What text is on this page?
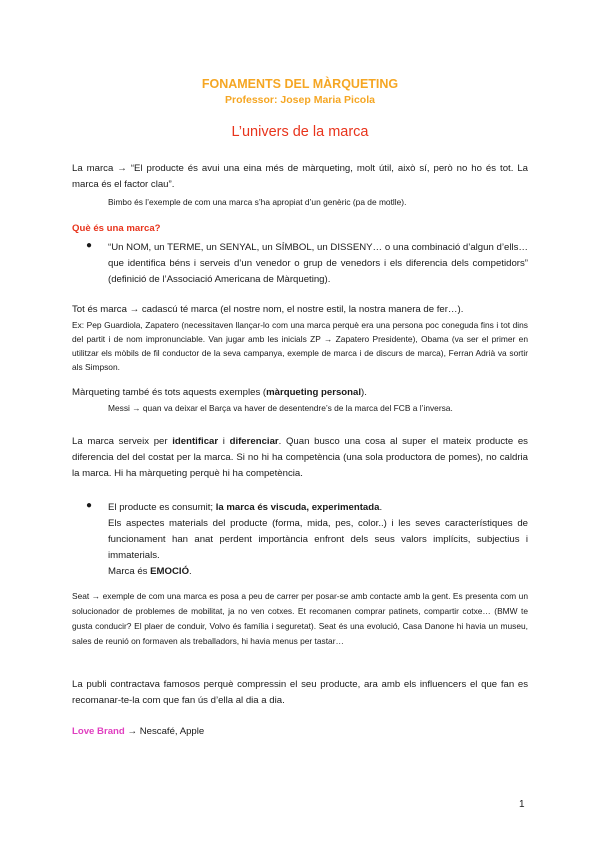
FONAMENTS DEL MÀRQUETING
Professor: Josep Maria Picola
L’univers de la marca
La marca → “El producte és avui una eina més de màrqueting, molt útil, això sí, però no ho és tot. La marca és el factor clau”.
Bimbo és l’exemple de com una marca s’ha apropiat d’un genèric (pa de motlle).
Què és una marca?
● “Un NOM, un TERME, un SENYAL, un SÍMBOL, un DISSENY… o una combinació d’algun d’ells… que identifica béns i serveis d’un venedor o grup de venedors i els diferencia dels competidors” (definició de l’Associació Americana de Màrqueting).
Tot és marca → cadascú té marca (el nostre nom, el nostre estil, la nostra manera de fer…).
Ex: Pep Guardiola, Zapatero (necessitaven llançar-lo com una marca perquè era una persona poc coneguda fins i tot dins del partit i de nom impronunciable. Van jugar amb les inicials ZP → Zapatero Presidente), Obama (va ser el primer en utilitzar els mòbils de fil conductor de la seva campanya, exemple de marca i de discurs de marca), Ferran Adrià va sortir als Simpson.
Màrqueting també és tots aquests exemples (màrqueting personal).
Messi → quan va deixar el Barça va haver de desentendre’s de la marca del FCB a l’inversa.
La marca serveix per identificar i diferenciar. Quan busco una cosa al super el mateix producte es diferencia del del costat per la marca. Si no hi ha competència (una sola productora de pomes), no caldria la marca. Hi ha màrqueting perquè hi ha competència.
● El producte es consumit; la marca és viscuda, experimentada.
Els aspectes materials del producte (forma, mida, pes, color..) i les seves característiques de funcionament han anat perdent importància enfront dels seus valors implícits, subjectius i immaterials.
Marca és EMOCIÓ.
Seat → exemple de com una marca es posa a peu de carrer per posar-se amb contacte amb la gent. Es presenta com un solucionador de problemes de mobilitat, ja no ven cotxes. Et recomanen comprar patinets, compartir cotxe… (BMW te gusta conducir? El plaer de conduir, Volvo és família i seguretat). Seat és una evolució, Casa Danone hi havia un museu, sales de reunió on formaven als treballadors, hi havia menus per tastar…
La publi contractava famosos perquè compressin el seu producte, ara amb els influencers el que fan es recomanar-te-la com que fan ús d’ella al dia a dia.
Love Brand → Nescafé, Apple
1
